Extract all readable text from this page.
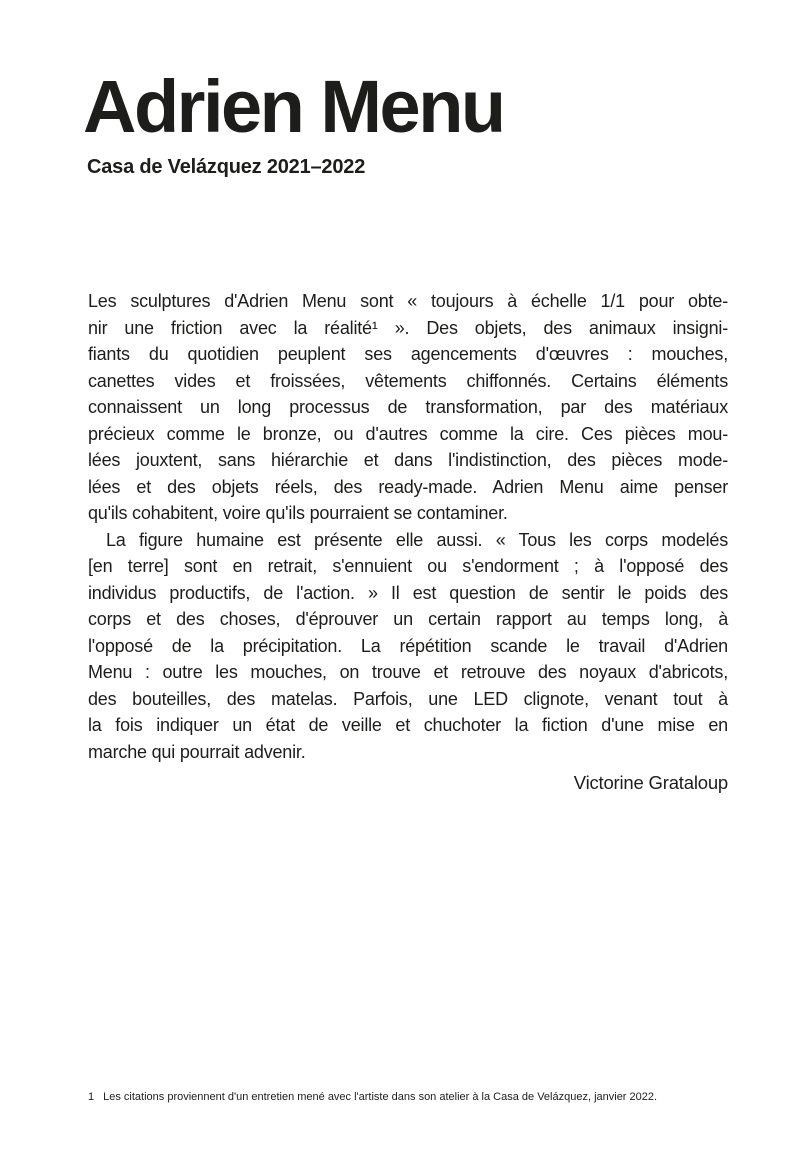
Adrien Menu
Casa de Velázquez 2021–2022
Les sculptures d'Adrien Menu sont « toujours à échelle 1/1 pour obte-
nir une friction avec la réalité¹ ». Des objets, des animaux insigni-
fiants du quotidien peuplent ses agencements d'œuvres : mouches,
canettes vides et froissées, vêtements chiffonnés. Certains éléments
connaissent un long processus de transformation, par des matériaux
précieux comme le bronze, ou d'autres comme la cire. Ces pièces mou-
lées jouxtent, sans hiérarchie et dans l'indistinction, des pièces mode-
lées et des objets réels, des ready-made. Adrien Menu aime penser
qu'ils cohabitent, voire qu'ils pourraient se contaminer.
La figure humaine est présente elle aussi. « Tous les corps modelés
[en terre] sont en retrait, s'ennuient ou s'endorment ; à l'opposé des
individus productifs, de l'action. » Il est question de sentir le poids des
corps et des choses, d'éprouver un certain rapport au temps long, à
l'opposé de la précipitation. La répétition scande le travail d'Adrien
Menu : outre les mouches, on trouve et retrouve des noyaux d'abricots,
des bouteilles, des matelas. Parfois, une LED clignote, venant tout à
la fois indiquer un état de veille et chuchoter la fiction d'une mise en
marche qui pourrait advenir.
Victorine Grataloup
1 Les citations proviennent d'un entretien mené avec l'artiste dans son atelier à la Casa de Velázquez, janvier 2022.
